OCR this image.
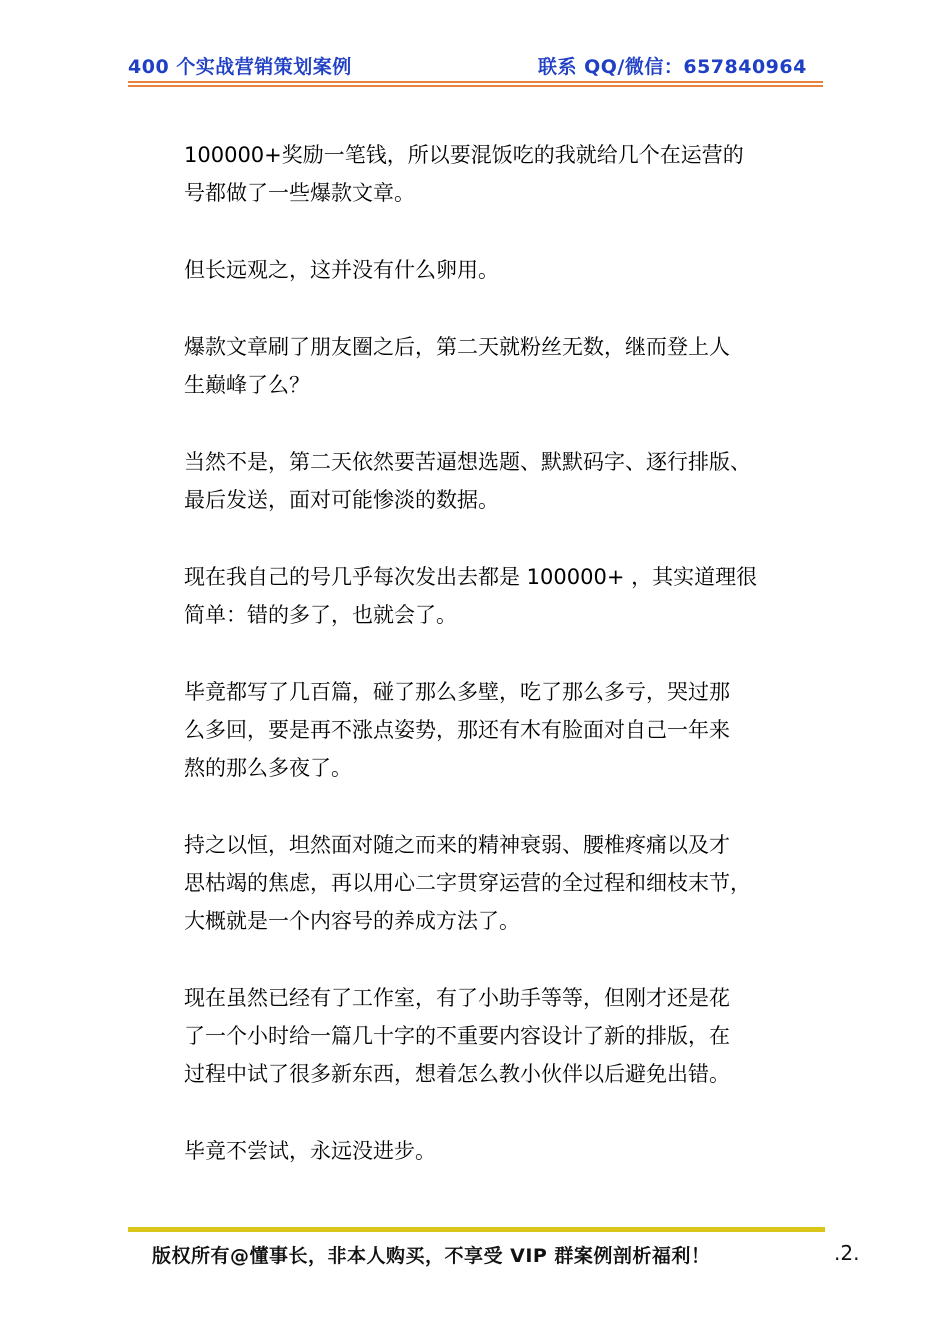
400 个实战营销策划案例	联系 QQ/微信：657840964

100000+奖励一笔钱，所以要混饭吃的我就给几个在运营的
号都做了一些爆款文章。

但长远观之，这并没有什么卵用。

爆款文章刷了朋友圈之后，第二天就粉丝无数，继而登上人
生巅峰了么？

当然不是，第二天依然要苦逼想选题、默默码字、逐行排版、
最后发送，面对可能惨淡的数据。

现在我自己的号几乎每次发出去都是 100000+ ，其实道理很
简单：错的多了，也就会了。

毕竟都写了几百篇，碰了那么多壁，吃了那么多亏，哭过那
么多回，要是再不涨点姿势，那还有木有脸面对自己一年来
熬的那么多夜了。

持之以恒，坦然面对随之而来的精神衰弱、腰椎疼痛以及才
思枯竭的焦虑，再以用心二字贯穿运营的全过程和细枝末节，
大概就是一个内容号的养成方法了。

现在虽然已经有了工作室，有了小助手等等，但刚才还是花
了一个小时给一篇几十字的不重要内容设计了新的排版，在
过程中试了很多新东西，想着怎么教小伙伴以后避免出错。

毕竟不尝试，永远没进步。

版权所有@懂事长，非本人购买，不享受 VIP 群案例剖析福利！	.2.
